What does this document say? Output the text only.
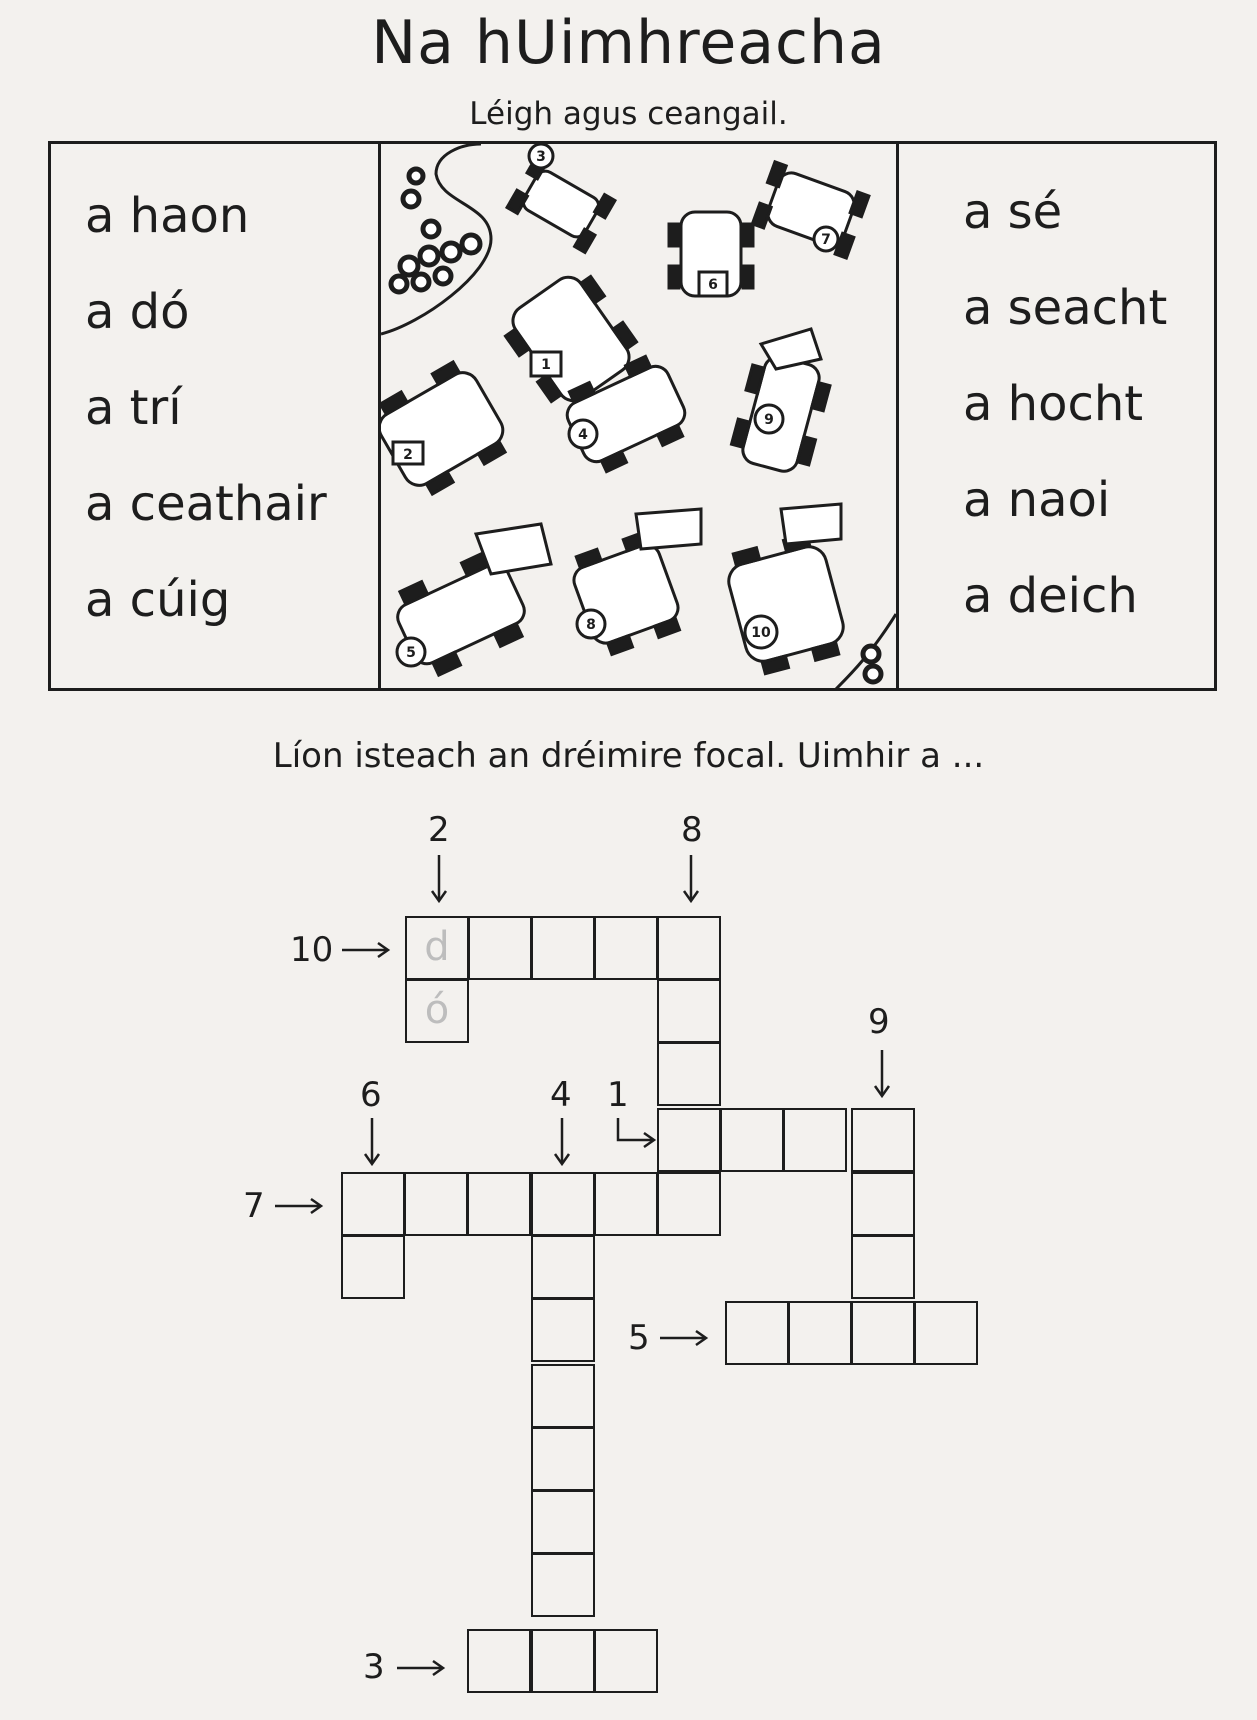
Na hUimhreacha
Léigh agus ceangail.
a haon
a dó
a trí
a ceathair
a cúig
3
7
6
1
2
4
9
5
8	10
a sé
a seacht
a hocht
a naoi
a deich
Líon isteach an dréimire focal. Uimhir a ...
d
ó
2	8
10
9
6	4 1
7
5
3
